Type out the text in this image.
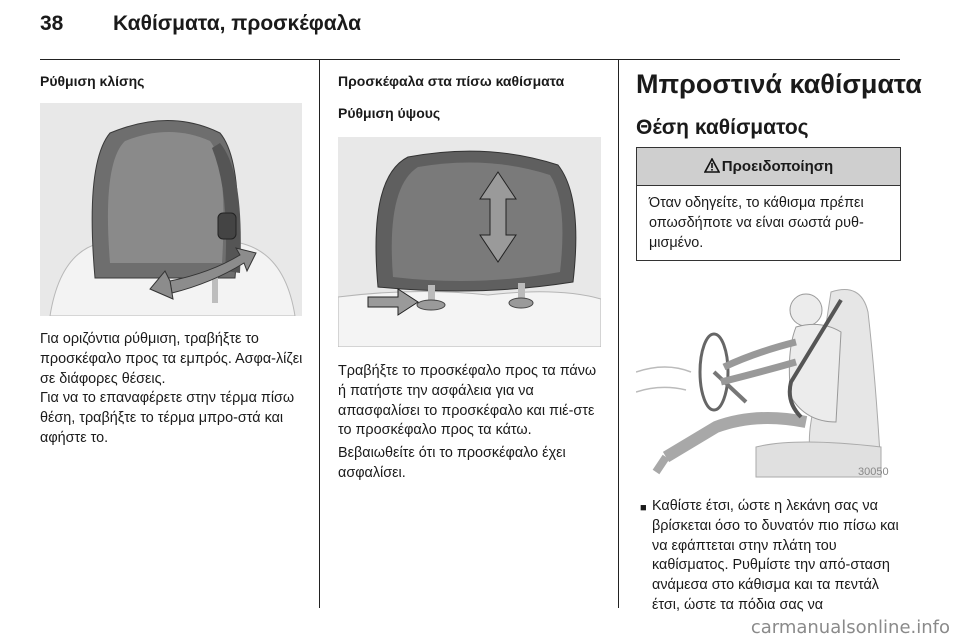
38 Καθίσματα, προσκέφαλα
Ρύθμιση κλίσης

Για οριζόντια ρύθμιση, τραβήξτε το προσκέφαλο προς τα εμπρός. Ασφα-λίζει σε διάφορες θέσεις.

Για να το επαναφέρετε στην τέρμα πίσω θέση, τραβήξτε το τέρμα μπρο-στά και αφήστε το.

Προσκέφαλα στα πίσω καθίσματα
Ρύθμιση ύψους

Τραβήξτε το προσκέφαλο προς τα πάνω ή πατήστε την ασφάλεια για να απασφαλίσει το προσκέφαλο και πιέ-στε το προσκέφαλο προς τα κάτω.

Βεβαιωθείτε ότι το προσκέφαλο έχει ασφαλίσει.

Μπροστινά καθίσματα
Θέση καθίσματος
Προειδοποίηση
Όταν οδηγείτε, το κάθισμα πρέπει οπωσδήποτε να είναι σωστά ρυθ-μισμένο.
30050
■ Καθίστε έτσι, ώστε η λεκάνη σας να βρίσκεται όσο το δυνατόν πιο πίσω και να εφάπτεται στην πλάτη του καθίσματος. Ρυθμίστε την από-σταση ανάμεσα στο κάθισμα και τα πεντάλ έτσι, ώστε τα πόδια σας να

carmanualsonline.info
